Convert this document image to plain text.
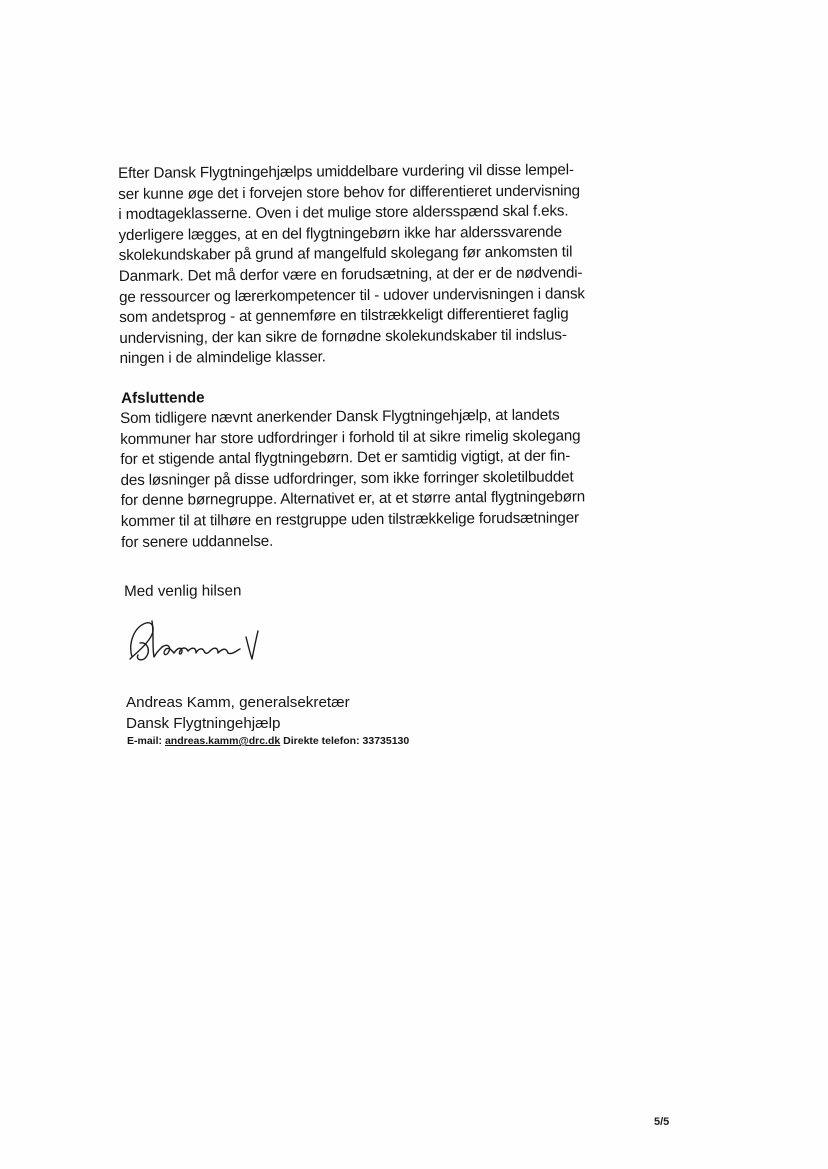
Efter Dansk Flygtningehjælps umiddelbare vurdering vil disse lempel-
ser kunne øge det i forvejen store behov for differentieret undervisning
i modtageklasserne. Oven i det mulige store aldersspænd skal f.eks.
yderligere lægges, at en del flygtningebørn ikke har alderssvarende
skolekundskaber på grund af mangelfuld skolegang før ankomsten til
Danmark. Det må derfor være en forudsætning, at der er de nødvendi-
ge ressourcer og lærerkompetencer til - udover undervisningen i dansk
som andetsprog - at gennemføre en tilstrækkeligt differentieret faglig
undervisning, der kan sikre de fornødne skolekundskaber til indslus-
ningen i de almindelige klasser.
Afsluttende
Som tidligere nævnt anerkender Dansk Flygtningehjælp, at landets
kommuner har store udfordringer i forhold til at sikre rimelig skolegang
for et stigende antal flygtningebørn. Det er samtidig vigtigt, at der fin-
des løsninger på disse udfordringer, som ikke forringer skoletilbuddet
for denne børnegruppe. Alternativet er, at et større antal flygtningebørn
kommer til at tilhøre en restgruppe uden tilstrækkelige forudsætninger
for senere uddannelse.
Med venlig hilsen
Andreas Kamm, generalsekretær
Dansk Flygtningehjælp
E-mail: andreas.kamm@drc.dk Direkte telefon: 33735130
5/5
